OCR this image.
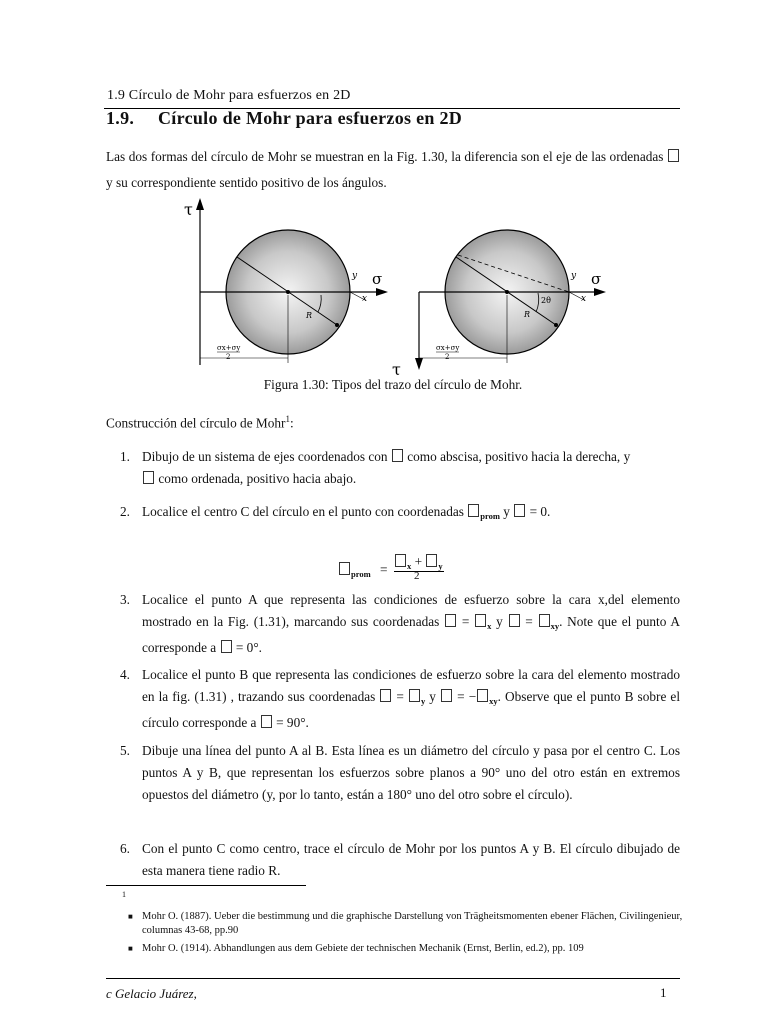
1.9 Círculo de Mohr para esfuerzos en 2D
1.9. Círculo de Mohr para esfuerzos en 2D
Las dos formas del círculo de Mohr se muestran en la Fig. 1.30, la diferencia son el eje de las ordenadas  y su correspondiente sentido positivo de los ángulos.
τ
σ
y
x
R
σx+σy
2
τ
σ
y
x
R
2θ
σx+σy
2
Figura 1.30: Tipos del trazo del círculo de Mohr.
Construcción del círculo de Mohr$^1$:
1. Dibujo de un sistema de ejes coordenados con  como abscisa, positivo hacia la derecha, y
como ordenada, positivo hacia abajo.
2. Localice el centro C del círculo en el punto con coordenadas $_{prom}$ y  = 0.
3. Localice el punto A que representa las condiciones de esfuerzo sobre la cara x,del elemento mostrado en la Fig. (1.31), marcando sus coordenadas  = $_x$ y  = $_{xy}$. Note que el punto A corresponde a  = 0°.
4. Localice el punto B que representa las condiciones de esfuerzo sobre la cara del elemento mostrado en la fig. (1.31) , trazando sus coordenadas  = $_y$ y  = − $_{xy}$. Observe que el punto B sobre el círculo corresponde a  = 90°.
5. Dibuje una línea del punto A al B. Esta línea es un diámetro del círculo y pasa por el centro C. Los puntos A y B, que representan los esfuerzos sobre planos a 90° uno del otro están en extremos opuestos del diámetro (y, por lo tanto, están a 180° uno del otro sobre el círculo).
6. Con el punto C como centro, trace el círculo de Mohr por los puntos A y B. El círculo dibujado de esta manera tiene radio R.
$_{prom}$ =	$_x$ + $_y$
2
1
■ Mohr O. (1887). Ueber die bestimmung und die graphische Darstellung von Trägheitsmomenten ebener Flächen, Civilingenieur, columnas 43-68, pp.90
■ Mohr O. (1914). Abhandlungen aus dem Gebiete der technischen Mechanik (Ernst, Berlin, ed.2), pp. 109
c Gelacio Juárez,	1
